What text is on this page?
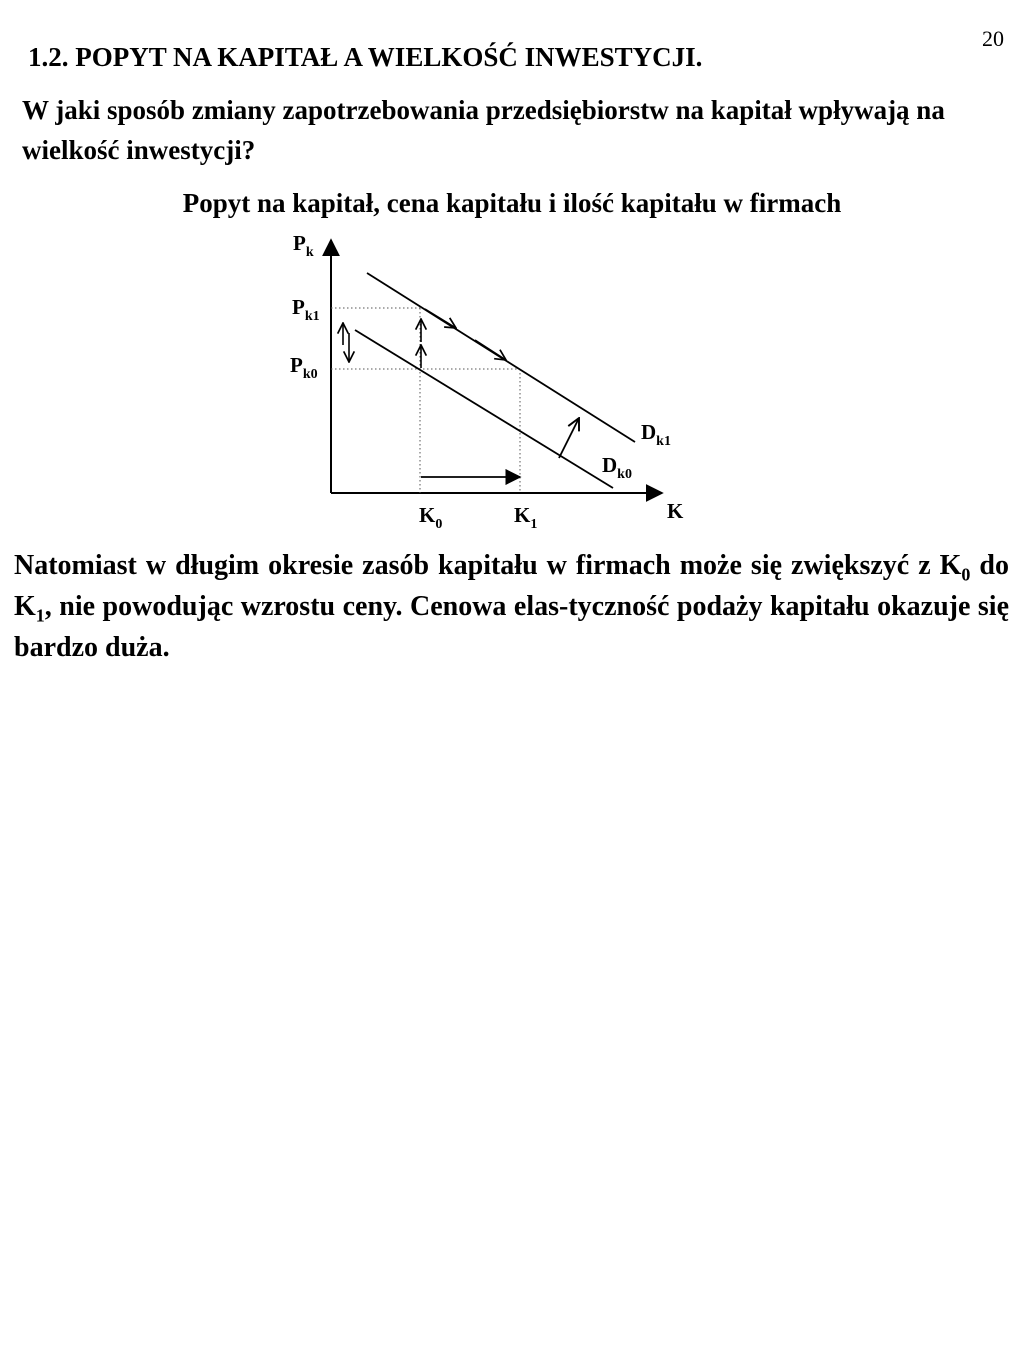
20
1.2. POPYT NA KAPITAŁ A WIELKOŚĆ INWESTYCJI.

W jaki sposób zmiany zapotrzebowania przedsiębiorstw na kapitał wpływają na wielkość inwestycji?

Popyt na kapitał, cena kapitału i ilość kapitału w firmach
$P_k$
$P_{k1}$
$P_{k0}$
K
$K_0$	$K_1$
$D_{k1}$
$D_{k0}$

Natomiast w długim okresie zasób kapitału w firmach może się zwiększyć z $K_0$ do $K_1$, nie powodując wzrostu ceny. Cenowa elas-tyczność podaży kapitału okazuje się bardzo duża.
